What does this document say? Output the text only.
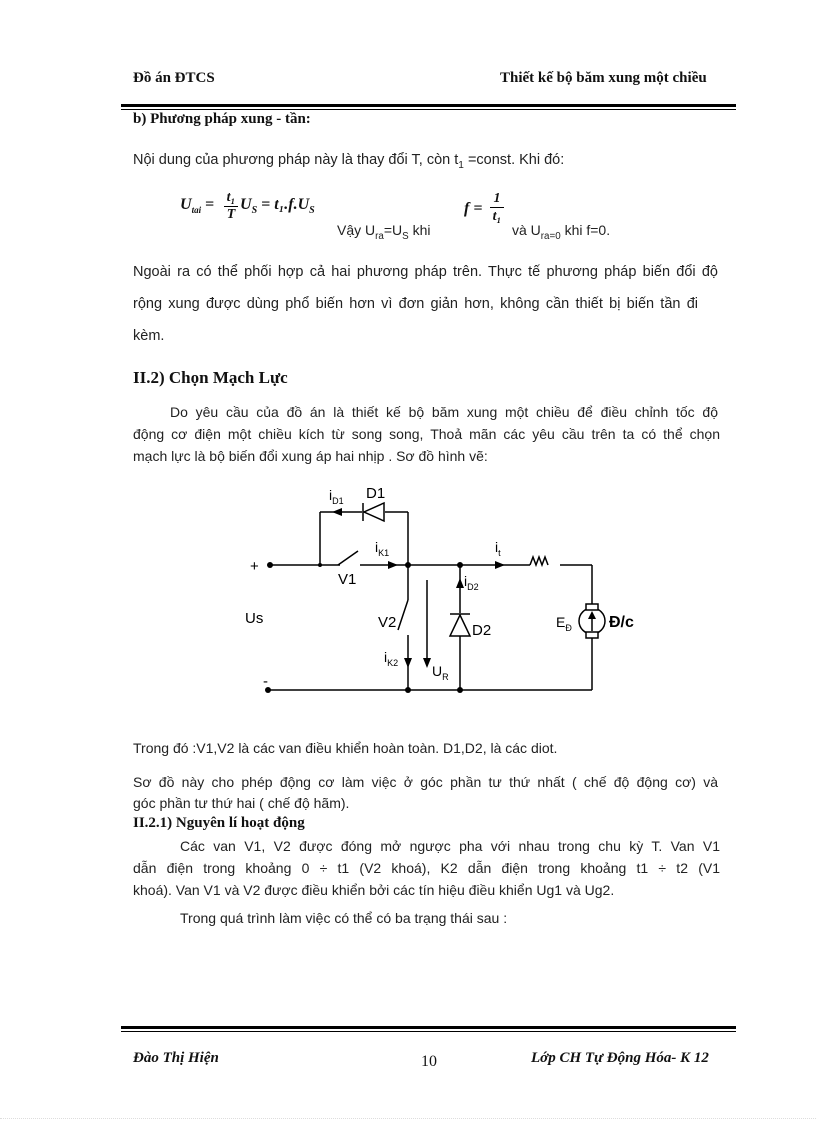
Đồ án ĐTCS	Thiết kế bộ băm xung một chiều
b) Phương pháp xung - tần:
Nội dung của phương pháp này là thay đổi T, còn $t_1$ =const. Khi đó:
$U_{tai} = t_1$
T
$U_S = t_1.f.U_S$
Vậy $U_{ra}=U_S$ khi
f =
1
t₁
và $U_{ra=0}$ khi f=0.
Ngoài ra có thể phối hợp cả hai phương pháp trên. Thực tế phương pháp biến đổi độ
rộng xung được dùng phổ biến hơn vì đơn giản hơn, không cần thiết bị biến tần đi
kèm.
II.2) Chọn Mạch Lực
Do yêu cầu của đồ án là thiết kế bộ băm xung một chiều để điều chỉnh tốc độ
động cơ điện một chiều kích từ song song, Thoả mãn các yêu cầu trên ta có thể chọn
mạch lực là bộ biến đổi xung áp hai nhịp . Sơ đồ hình vẽ:
+
-
Us
V1
V2
D1
D2
$i_{D1}$
$i_{K1}$
$i_{K2}$
$i_{D2}$
$i_t$
$U_R$
$E_Đ$ Đ/c
Trong đó :V1,V2 là các van điều khiển hoàn toàn. D1,D2, là các diot.
Sơ đồ này cho phép động cơ làm việc ở góc phần tư thứ nhất ( chế độ động cơ) và
góc phần tư thứ hai ( chế độ hãm).
II.2.1) Nguyên lí hoạt động
Các van V1, V2 được đóng mở ngược pha với nhau trong chu kỳ T. Van V1
dẫn điện trong khoảng 0 ÷ t1 (V2 khoá), K2 dẫn điện trong khoảng t1 ÷ t2 (V1
khoá). Van V1 và V2 được điều khiển bởi các tín hiệu điều khiển Ug1 và Ug2.
Trong quá trình làm việc có thể có ba trạng thái sau :
Đào Thị Hiện	10	Lớp CH Tự Động Hóa- K 12
